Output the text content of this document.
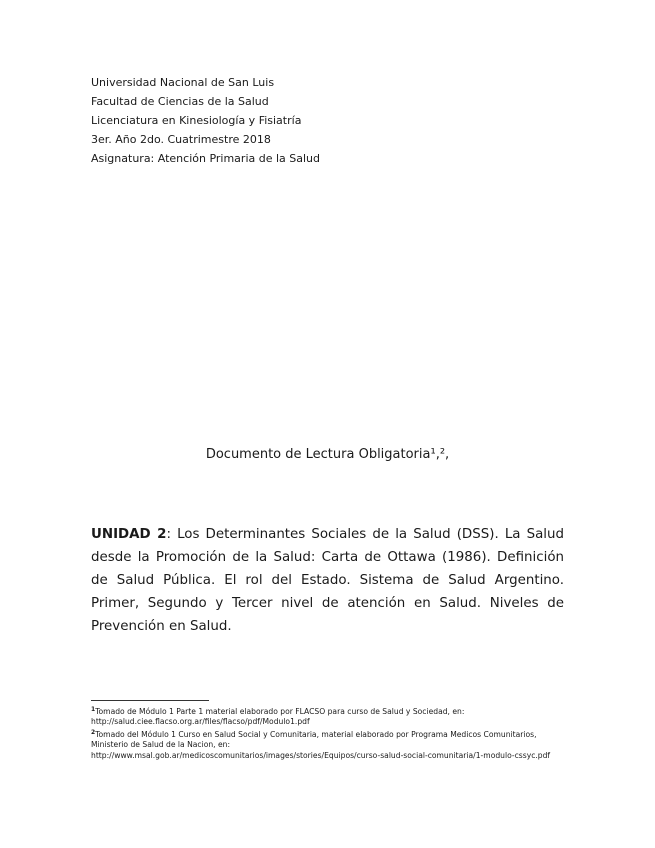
Universidad Nacional de San Luis
Facultad de Ciencias de la Salud
Licenciatura en Kinesiología y Fisiatría
3er. Año 2do. Cuatrimestre 2018
Asignatura: Atención Primaria de la Salud
Documento de Lectura Obligatoria¹,²,
UNIDAD 2: Los Determinantes Sociales de la Salud (DSS). La Salud desde la Promoción de la Salud: Carta de Ottawa (1986). Definición de Salud Pública. El rol del Estado. Sistema de Salud Argentino. Primer, Segundo y Tercer nivel de atención en Salud. Niveles de Prevención en Salud.
$^1$Tomado de Módulo 1 Parte 1 material elaborado por FLACSO para curso de Salud y Sociedad, en:
http://salud.ciee.flacso.org.ar/files/flacso/pdf/Modulo1.pdf
$^2$Tomado del Módulo 1 Curso en Salud Social y Comunitaria, material elaborado por Programa Medicos Comunitarios, Ministerio de Salud de la Nacion, en:
http://www.msal.gob.ar/medicoscomunitarios/images/stories/Equipos/curso-salud-social-comunitaria/1-modulo-cssyc.pdf
